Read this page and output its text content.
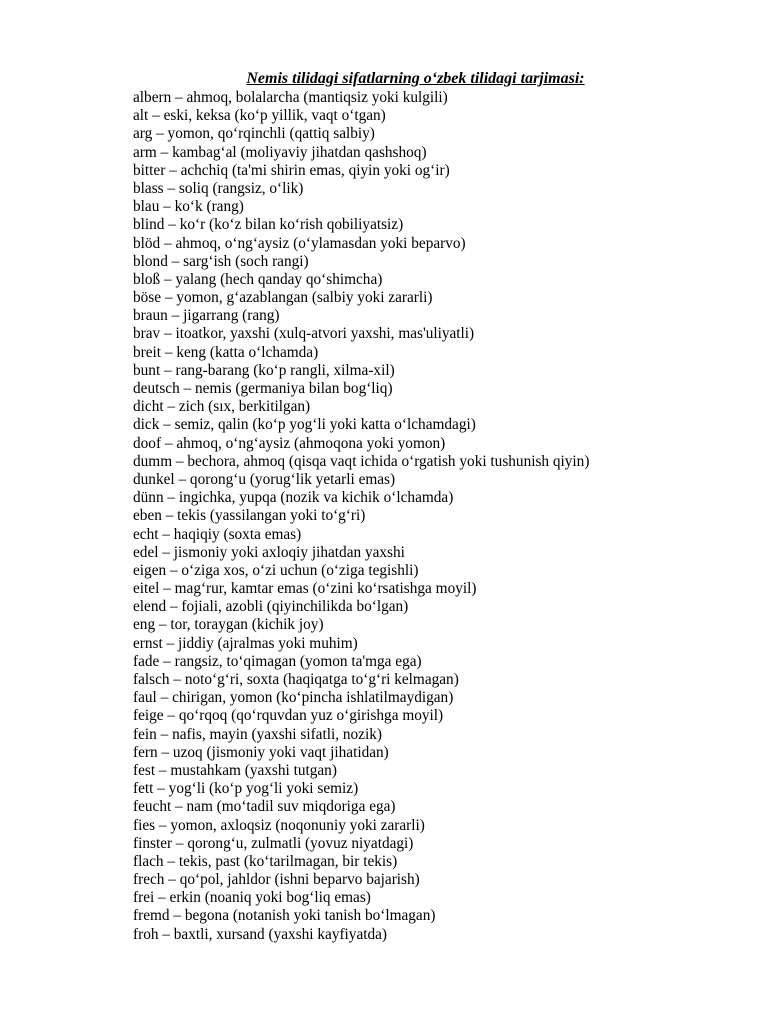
Nemis tilidagi sifatlarning o‘zbek tilidagi tarjimasi:
albern – ahmoq, bolalarcha (mantiqsiz yoki kulgili)
alt – eski, keksa (ko‘p yillik, vaqt o‘tgan)
arg – yomon, qo‘rqinchli (qattiq salbiy)
arm – kambag‘al (moliyaviy jihatdan qashshoq)
bitter – achchiq (ta'mi shirin emas, qiyin yoki og‘ir)
blass – soliq (rangsiz, o‘lik)
blau – ko‘k (rang)
blind – ko‘r (ko‘z bilan ko‘rish qobiliyatsiz)
blöd – ahmoq, o‘ng‘aysiz (o‘ylamasdan yoki beparvo)
blond – sarg‘ish (soch rangi)
bloß – yalang (hech qanday qo‘shimcha)
böse – yomon, g‘azablangan (salbiy yoki zararli)
braun – jigarrang (rang)
brav – itoatkor, yaxshi (xulq-atvori yaxshi, mas'uliyatli)
breit – keng (katta o‘lchamda)
bunt – rang-barang (ko‘p rangli, xilma-xil)
deutsch – nemis (germaniya bilan bog‘liq)
dicht – zich (sıx, berkitilgan)
dick – semiz, qalin (ko‘p yog‘li yoki katta o‘lchamdagi)
doof – ahmoq, o‘ng‘aysiz (ahmoqona yoki yomon)
dumm – bechora, ahmoq (qisqa vaqt ichida o‘rgatish yoki tushunish qiyin)
dunkel – qorong‘u (yorug‘lik yetarli emas)
dünn – ingichka, yupqa (nozik va kichik o‘lchamda)
eben – tekis (yassilangan yoki to‘g‘ri)
echt – haqiqiy (soxta emas)
edel – jismoniy yoki axloqiy jihatdan yaxshi
eigen – o‘ziga xos, o‘zi uchun (o‘ziga tegishli)
eitel – mag‘rur, kamtar emas (o‘zini ko‘rsatishga moyil)
elend – fojiali, azobli (qiyinchilikda bo‘lgan)
eng – tor, toraygan (kichik joy)
ernst – jiddiy (ajralmas yoki muhim)
fade – rangsiz, to‘qimagan (yomon ta'mga ega)
falsch – noto‘g‘ri, soxta (haqiqatga to‘g‘ri kelmagan)
faul – chirigan, yomon (ko‘pincha ishlatilmaydigan)
feige – qo‘rqoq (qo‘rquvdan yuz o‘girishga moyil)
fein – nafis, mayin (yaxshi sifatli, nozik)
fern – uzoq (jismoniy yoki vaqt jihatidan)
fest – mustahkam (yaxshi tutgan)
fett – yog‘li (ko‘p yog‘li yoki semiz)
feucht – nam (mo‘tadil suv miqdoriga ega)
fies – yomon, axloqsiz (noqonuniy yoki zararli)
finster – qorong‘u, zulmatli (yovuz niyatdagi)
flach – tekis, past (ko‘tarilmagan, bir tekis)
frech – qo‘pol, jahldor (ishni beparvo bajarish)
frei – erkin (noaniq yoki bog‘liq emas)
fremd – begona (notanish yoki tanish bo‘lmagan)
froh – baxtli, xursand (yaxshi kayfiyatda)
